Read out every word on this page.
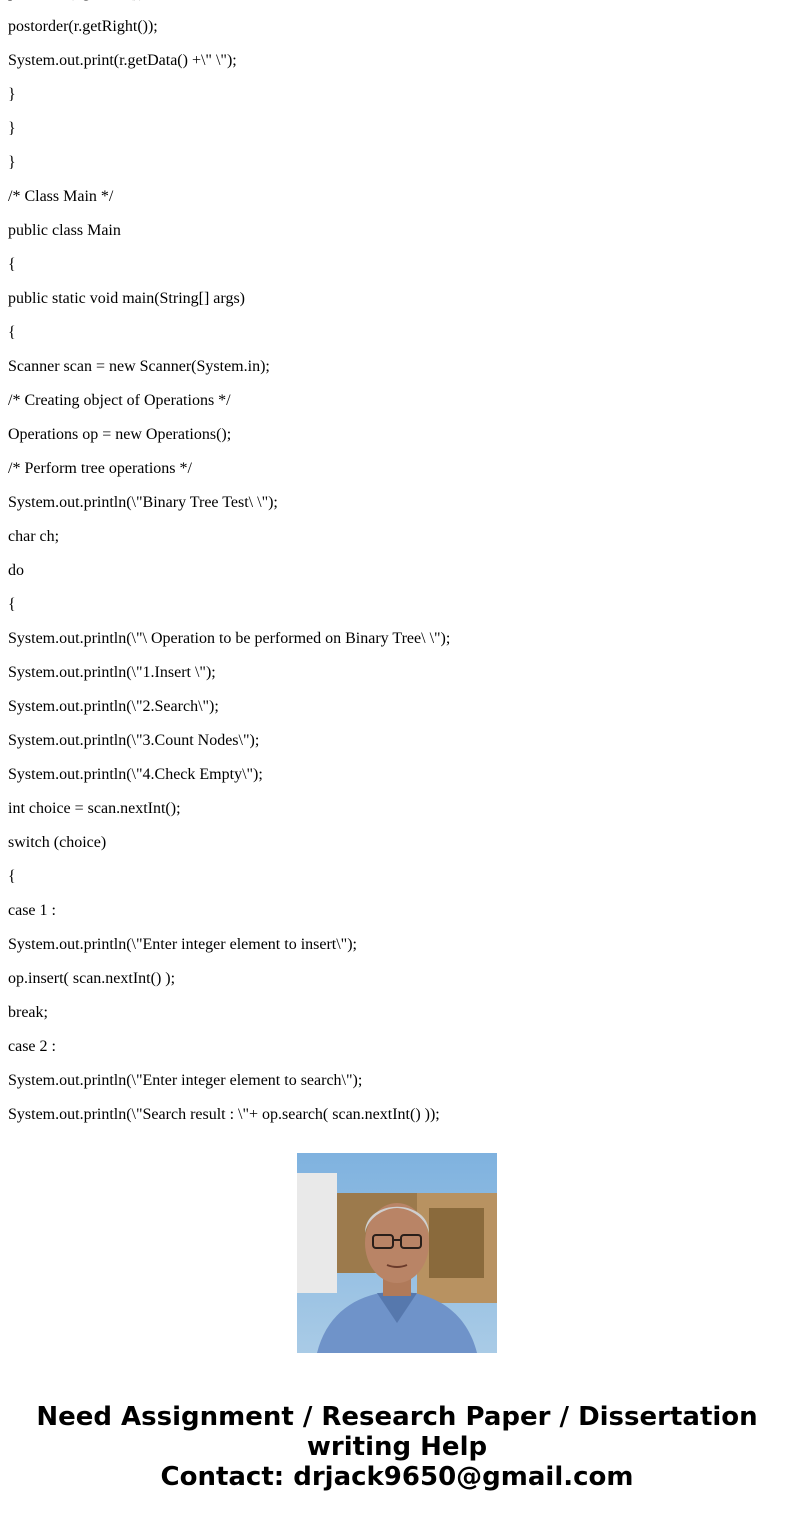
postorder(r.getRight());
System.out.print(r.getData() +\" \");
}
}
}
/* Class Main */
public class Main
{
public static void main(String[] args)
{
Scanner scan = new Scanner(System.in);
/* Creating object of Operations */
Operations op = new Operations();
/* Perform tree operations */
System.out.println(\"Binary Tree Test\ \");
char ch;
do
{
System.out.println(\"\ Operation to be performed on Binary Tree\ \");
System.out.println(\"1.Insert \");
System.out.println(\"2.Search\");
System.out.println(\"3.Count Nodes\");
System.out.println(\"4.Check Empty\");
int choice = scan.nextInt();
switch (choice)
{
case 1 :
System.out.println(\"Enter integer element to insert\");
op.insert( scan.nextInt() );
break;
case 2 :
System.out.println(\"Enter integer element to search\");
System.out.println(\"Search result : \"+ op.search( scan.nextInt() ));
Need Assignment / Research Paper / Dissertation
writing Help
Contact: drjack9650@gmail.com
